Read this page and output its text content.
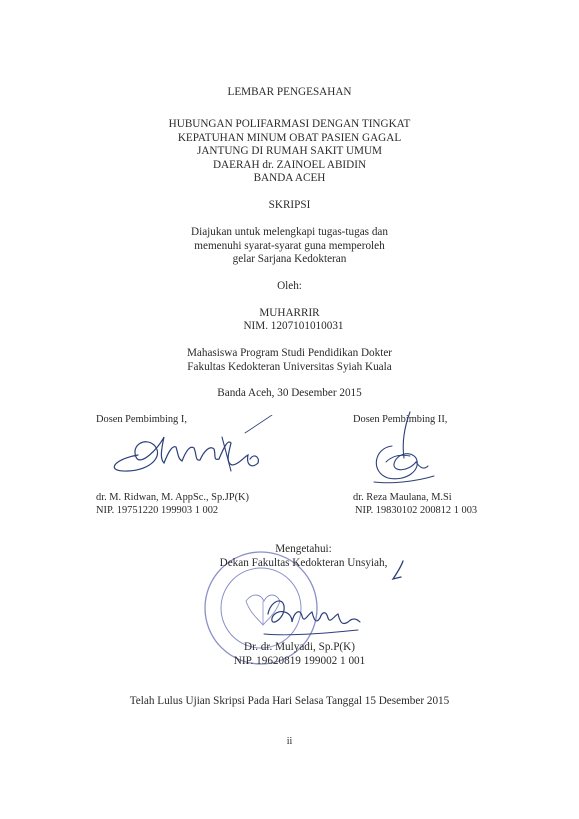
LEMBAR PENGESAHAN
HUBUNGAN POLIFARMASI DENGAN TINGKAT
KEPATUHAN MINUM OBAT PASIEN GAGAL
JANTUNG DI RUMAH SAKIT UMUM
DAERAH dr. ZAINOEL ABIDIN
BANDA ACEH
SKRIPSI
Diajukan untuk melengkapi tugas-tugas dan
memenuhi syarat-syarat guna memperoleh
gelar Sarjana Kedokteran
Oleh:
MUHARRIR
NIM. 1207101010031
Mahasiswa Program Studi Pendidikan Dokter
Fakultas Kedokteran Universitas Syiah Kuala
Banda Aceh, 30 Desember 2015
Dosen Pembimbing I,
dr. M. Ridwan, M. AppSc., Sp.JP(K)
NIP. 19751220 199903 1 002
Dosen Pembimbing II,
dr. Reza Maulana, M.Si
NIP. 19830102 200812 1 003
Mengetahui:
Dekan Fakultas Kedokteran Unsyiah,
Dr. dr. Mulyadi, Sp.P(K)
NIP. 19620819 199002 1 001
Telah Lulus Ujian Skripsi Pada Hari Selasa Tanggal 15 Desember 2015
ii
